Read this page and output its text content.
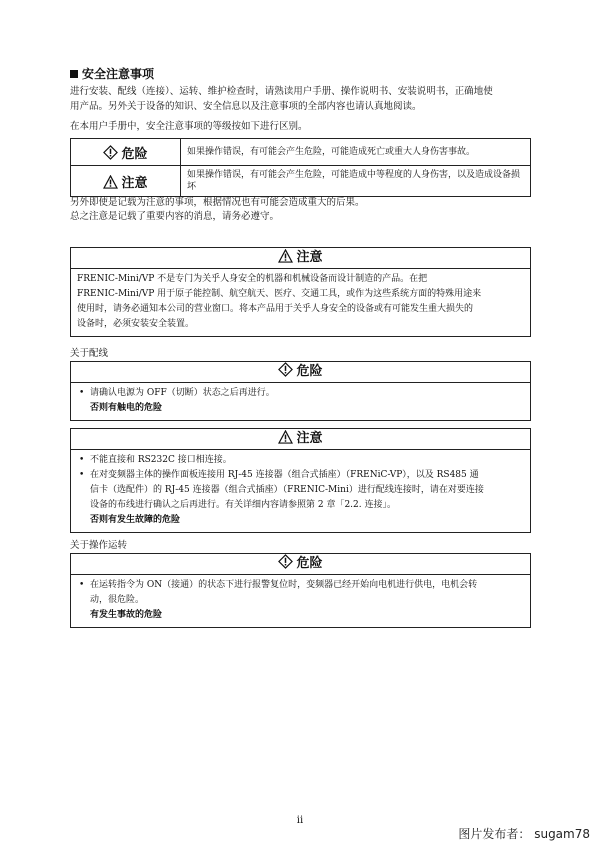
安全注意事项
进行安装、配线（连接）、运转、维护检查时，请熟读用户手册、操作说明书、安装说明书，正确地使
用产品。另外关于设备的知识、安全信息以及注意事项的全部内容也请认真地阅读。
在本用户手册中，安全注意事项的等级按如下进行区别。
危险	如果操作错误，有可能会产生危险，可能造成死亡或重大人身伤害事故。
注意	如果操作错误，有可能会产生危险，可能造成中等程度的人身伤害，以及造成设备损坏
另外即使是记载为注意的事项，根据情况也有可能会造成重大的后果。
总之注意是记载了重要内容的消息，请务必遵守。
注意
FRENIC-Mini/VP 不是专门为关乎人身安全的机器和机械设备而设计制造的产品。在把
FRENIC-Mini/VP 用于原子能控制、航空航天、医疗、交通工具，或作为这些系统方面的特殊用途来
使用时，请务必通知本公司的营业窗口。将本产品用于关乎人身安全的设备或有可能发生重大损失的
设备时，必须安装安全装置。
关于配线
危险
• 请确认电源为 OFF（切断）状态之后再进行。
否则有触电的危险
注意
• 不能直接和 RS232C 接口相连接。
• 在对变频器主体的操作面板连接用 RJ-45 连接器（组合式插座）（FRENiC-VP），以及 RS485 通
信卡（选配件）的 RJ-45 连接器（组合式插座）（FRENIC-Mini）进行配线连接时，请在对要连接
设备的布线进行确认之后再进行。有关详细内容请参照第 2 章「2.2. 连接」。
否则有发生故障的危险
关于操作运转
危险
• 在运转指令为 ON（接通）的状态下进行报警复位时，变频器已经开始向电机进行供电，电机会转
动，很危险。
有发生事故的危险
ii
图片发布者： sugam78
